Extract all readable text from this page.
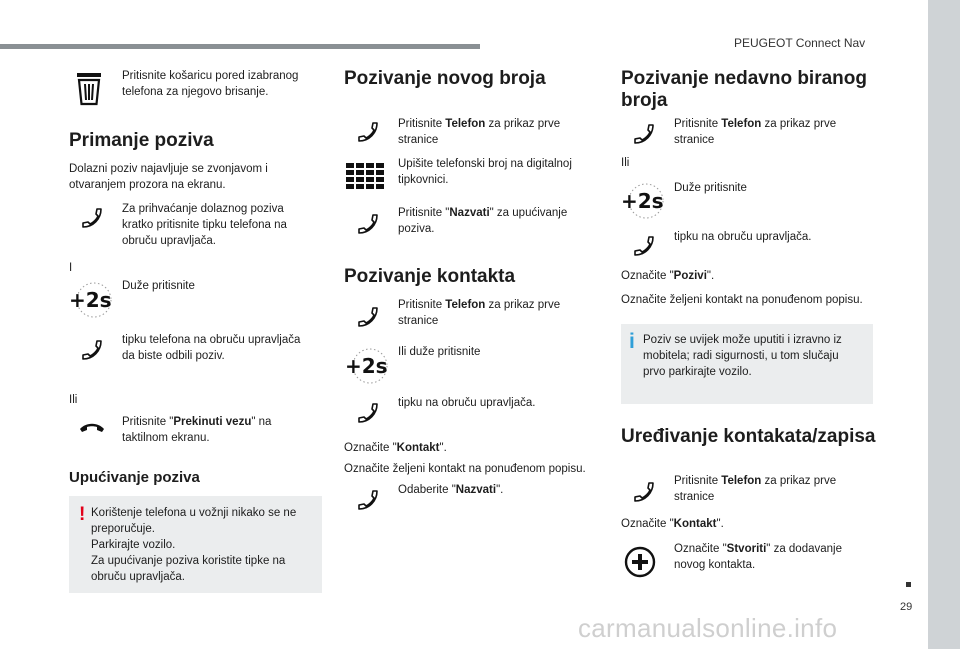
PEUGEOT Connect Nav
29
carmanualsonline.info
Pritisnite košaricu pored izabranog telefona za njegovo brisanje.
Primanje poziva
Dolazni poziv najavljuje se zvonjavom i otvaranjem prozora na ekranu.
Za prihvaćanje dolaznog poziva kratko pritisnite tipku telefona na obruču upravljača.
I
+2s
Duže pritisnite
tipku telefona na obruču upravljača da biste odbili poziv.
Ili
Pritisnite "Prekinuti vezu" na taktilnom ekranu.
Upućivanje poziva
! Korištenje telefona u vožnji nikako se ne preporučuje.
Parkirajte vozilo.
Za upućivanje poziva koristite tipke na obruču upravljača.
Pozivanje novog broja
Pritisnite Telefon za prikaz prve stranice
Upišite telefonski broj na digitalnoj tipkovnici.
Pritisnite "Nazvati" za upućivanje poziva.
Pozivanje kontakta
Pritisnite Telefon za prikaz prve stranice
+2s
Ili duže pritisnite
tipku na obruču upravljača.
Označite "Kontakt".
Označite željeni kontakt na ponuđenom popisu.
Odaberite "Nazvati".
Pozivanje nedavno biranog broja
Pritisnite Telefon za prikaz prve stranice
Ili
+2s
Duže pritisnite
tipku na obruču upravljača.
Označite "Pozivi".
Označite željeni kontakt na ponuđenom popisu.
i Poziv se uvijek može uputiti i izravno iz mobitela; radi sigurnosti, u tom slučaju prvo parkirajte vozilo.
Uređivanje kontakata/zapisa
Pritisnite Telefon za prikaz prve stranice
Označite "Kontakt".
Označite "Stvoriti" za dodavanje novog kontakta.
